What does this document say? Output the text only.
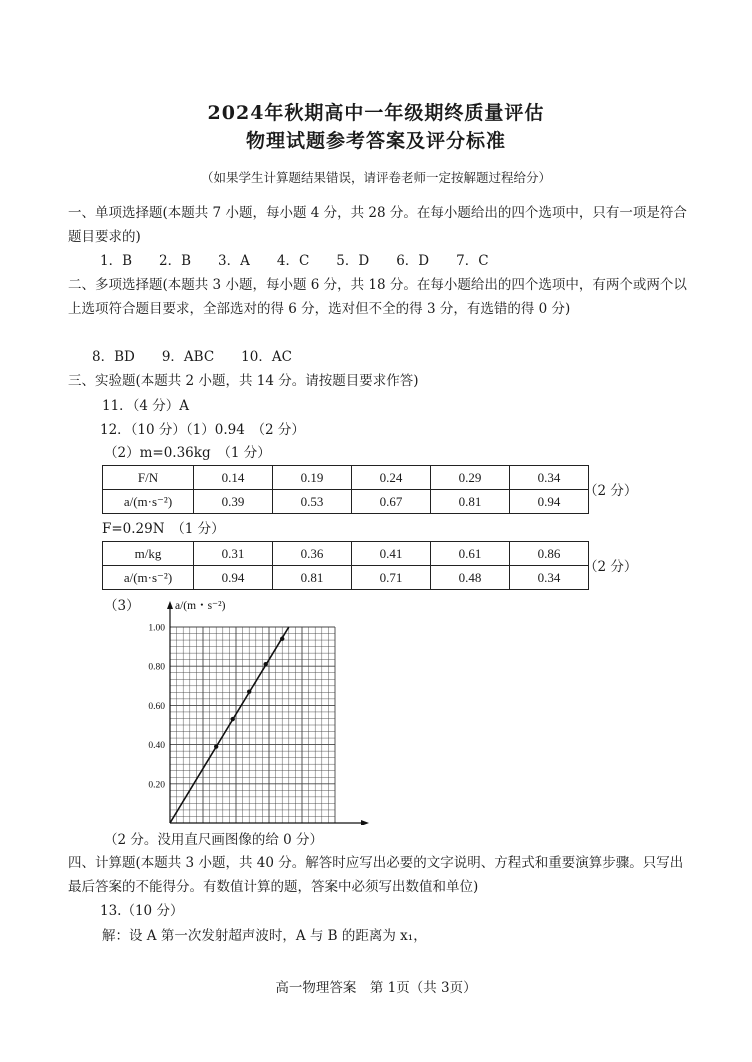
2024年秋期高中一年级期终质量评估
物理试题参考答案及评分标准
（如果学生计算题结果错误，请评卷老师一定按解题过程给分）
一、单项选择题(本题共 7 小题，每小题 4 分，共 28 分。在每小题给出的四个选项中，只有一项是符合题目要求的)
1．B　　2．B　　3．A　　4．C　　5．D　　6．D　　7．C
二、多项选择题(本题共 3 小题，每小题 6 分，共 18 分。在每小题给出的四个选项中，有两个或两个以上选项符合题目要求，全部选对的得 6 分，选对但不全的得 3 分，有选错的得 0 分)
8．BD　　9．ABC　　10．AC
三、实验题(本题共 2 小题，共 14 分。请按题目要求作答)
11．（4 分）A
12．（10 分）（1）0.94　（2 分）
（2）m=0.36kg　（1 分）
F/N	0.14	0.19	0.24	0.29	0.34
a/(m·s⁻²)	0.39	0.53	0.67	0.81	0.94
（2 分）
F=0.29N　（1 分）
m/kg	0.31	0.36	0.41	0.61	0.86
a/(m·s⁻²)	0.94	0.81	0.71	0.48	0.34
（2 分）
（3）
0.20
0.40
0.60
0.80
1.00
a/(m・s⁻²)
（2 分。没用直尺画图像的给 0 分）
四、计算题(本题共 3 小题，共 40 分。解答时应写出必要的文字说明、方程式和重要演算步骤。只写出最后答案的不能得分。有数值计算的题，答案中必须写出数值和单位)
13.（10 分）
解：设 A 第一次发射超声波时，A 与 B 的距离为 x₁，
高一物理答案　第 1页（共 3页）
